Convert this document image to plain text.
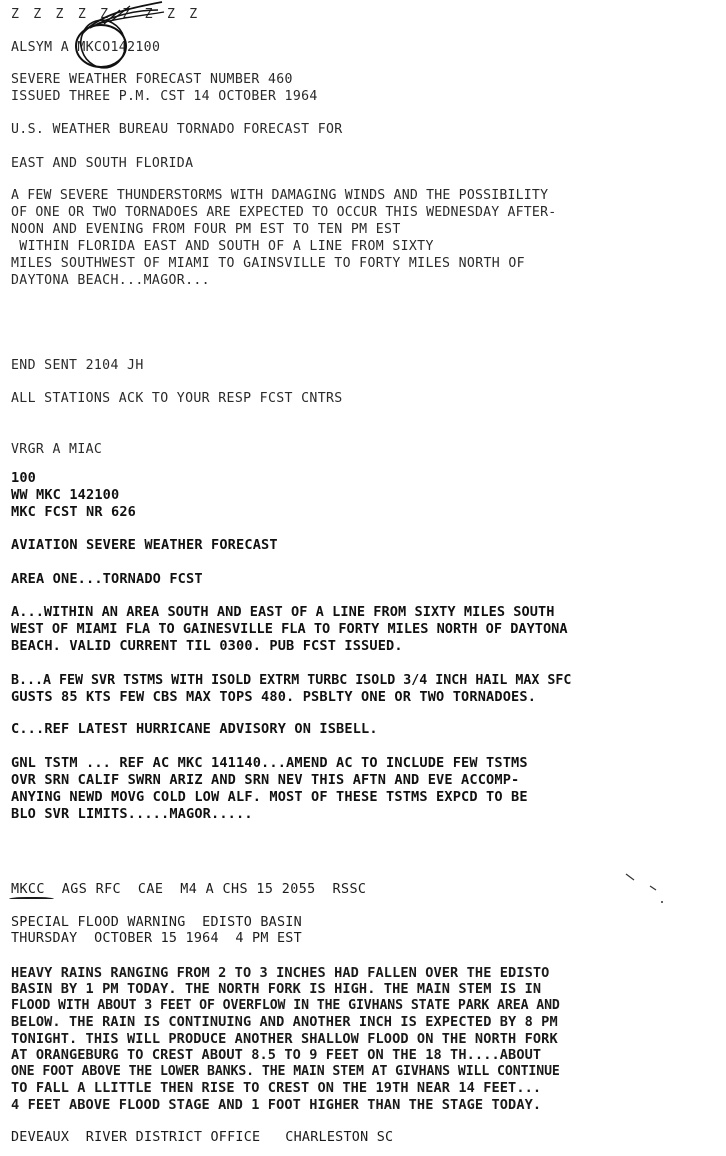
Z Z Z Z Z Z Z Z Z
ALSYM A MKCO142100
SEVERE WEATHER FORECAST NUMBER 460
ISSUED THREE P.M. CST 14 OCTOBER 1964
U.S. WEATHER BUREAU TORNADO FORECAST FOR
EAST AND SOUTH FLORIDA
A FEW SEVERE THUNDERSTORMS WITH DAMAGING WINDS AND THE POSSIBILITY
OF ONE OR TWO TORNADOES ARE EXPECTED TO OCCUR THIS WEDNESDAY AFTER-
NOON AND EVENING FROM FOUR PM EST TO TEN PM EST
WITHIN FLORIDA EAST AND SOUTH OF A LINE FROM SIXTY
MILES SOUTHWEST OF MIAMI TO GAINSVILLE TO FORTY MILES NORTH OF
DAYTONA BEACH...MAGOR...
END SENT 2104 JH
ALL STATIONS ACK TO YOUR RESP FCST CNTRS
VRGR A MIAC
100
WW MKC 142100
MKC FCST NR 626
AVIATION SEVERE WEATHER FORECAST
AREA ONE...TORNADO FCST
A...WITHIN AN AREA SOUTH AND EAST OF A LINE FROM SIXTY MILES SOUTH
WEST OF MIAMI FLA TO GAINESVILLE FLA TO FORTY MILES NORTH OF DAYTONA
BEACH. VALID CURRENT TIL 0300. PUB FCST ISSUED.
B...A FEW SVR TSTMS WITH ISOLD EXTRM TURBC ISOLD 3/4 INCH HAIL MAX SFC
GUSTS 85 KTS FEW CBS MAX TOPS 480. PSBLTY ONE OR TWO TORNADOES.
C...REF LATEST HURRICANE ADVISORY ON ISBELL.
GNL TSTM ... REF AC MKC 141140...AMEND AC TO INCLUDE FEW TSTMS
OVR SRN CALIF SWRN ARIZ AND SRN NEV THIS AFTN AND EVE ACCOMP-
ANYING NEWD MOVG COLD LOW ALF. MOST OF THESE TSTMS EXPCD TO BE
BLO SVR LIMITS.....MAGOR.....
MKCC  AGS RFC  CAE  M4 A CHS 15 2055  RSSC
SPECIAL FLOOD WARNING  EDISTO BASIN
THURSDAY  OCTOBER 15 1964  4 PM EST
HEAVY RAINS RANGING FROM 2 TO 3 INCHES HAD FALLEN OVER THE EDISTO
BASIN BY 1 PM TODAY. THE NORTH FORK IS HIGH. THE MAIN STEM IS IN
FLOOD WITH ABOUT 3 FEET OF OVERFLOW IN THE GIVHANS STATE PARK AREA AND
BELOW. THE RAIN IS CONTINUING AND ANOTHER INCH IS EXPECTED BY 8 PM
TONIGHT. THIS WILL PRODUCE ANOTHER SHALLOW FLOOD ON THE NORTH FORK
AT ORANGEBURG TO CREST ABOUT 8.5 TO 9 FEET ON THE 18 TH....ABOUT
ONE FOOT ABOVE THE LOWER BANKS. THE MAIN STEM AT GIVHANS WILL CONTINUE
TO FALL A LLITTLE THEN RISE TO CREST ON THE 19TH NEAR 14 FEET...
4 FEET ABOVE FLOOD STAGE AND 1 FOOT HIGHER THAN THE STAGE TODAY.
DEVEAUX  RIVER DISTRICT OFFICE   CHARLESTON SC
